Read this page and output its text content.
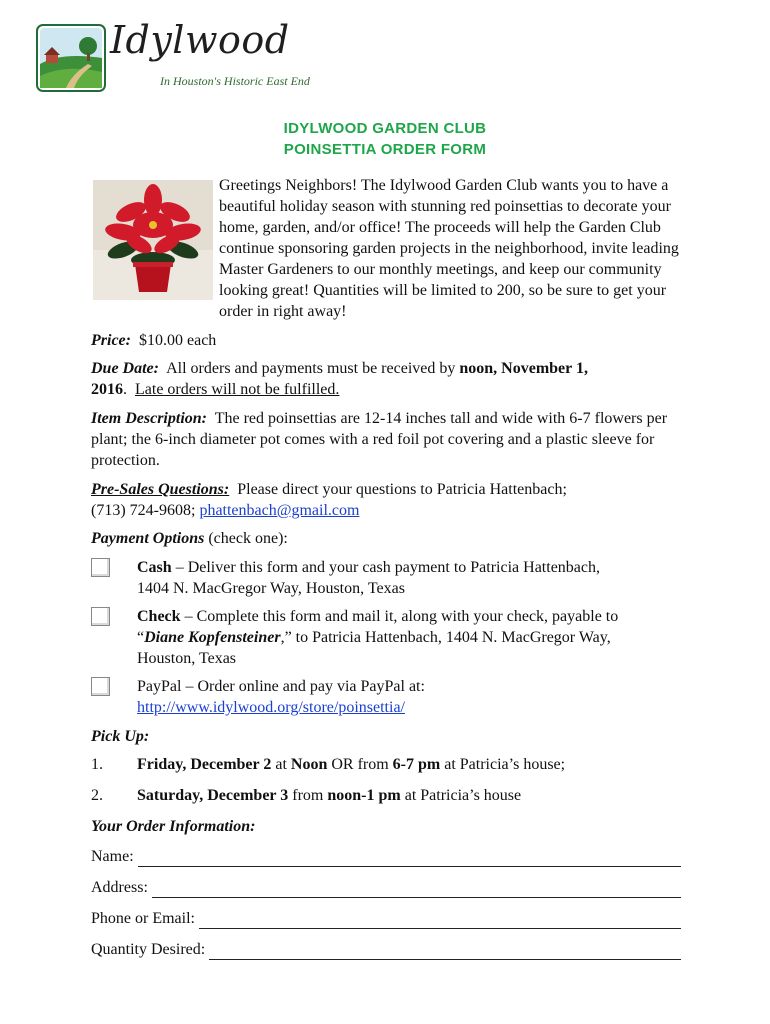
Idylwood
In Houston's Historic East End
IDYLWOOD GARDEN CLUB
POINSETTIA ORDER FORM
Greetings Neighbors! The Idylwood Garden Club wants you to have a beautiful holiday season with stunning red poinsettias to decorate your home, garden, and/or office! The proceeds will help the Garden Club continue sponsoring garden projects in the neighborhood, invite leading Master Gardeners to our monthly meetings, and keep our community looking great! Quantities will be limited to 200, so be sure to get your order in right away!
Price: $10.00 each
Due Date: All orders and payments must be received by noon, November 1,
2016. Late orders will not be fulfilled.
Item Description: The red poinsettias are 12-14 inches tall and wide with 6-7 flowers per plant; the 6-inch diameter pot comes with a red foil pot covering and a plastic sleeve for protection.
Pre-Sales Questions: Please direct your questions to Patricia Hattenbach;
(713) 724-9608; phattenbach@gmail.com
Payment Options (check one):
Cash – Deliver this form and your cash payment to Patricia Hattenbach,
1404 N. MacGregor Way, Houston, Texas
Check – Complete this form and mail it, along with your check, payable to
“Diane Kopfensteiner,” to Patricia Hattenbach, 1404 N. MacGregor Way,
Houston, Texas
PayPal – Order online and pay via PayPal at:
http://www.idylwood.org/store/poinsettia/
Pick Up:
1. Friday, December 2 at Noon OR from 6-7 pm at Patricia’s house;
2. Saturday, December 3 from noon-1 pm at Patricia’s house
Your Order Information:
Name:
Address:
Phone or Email:
Quantity Desired:
